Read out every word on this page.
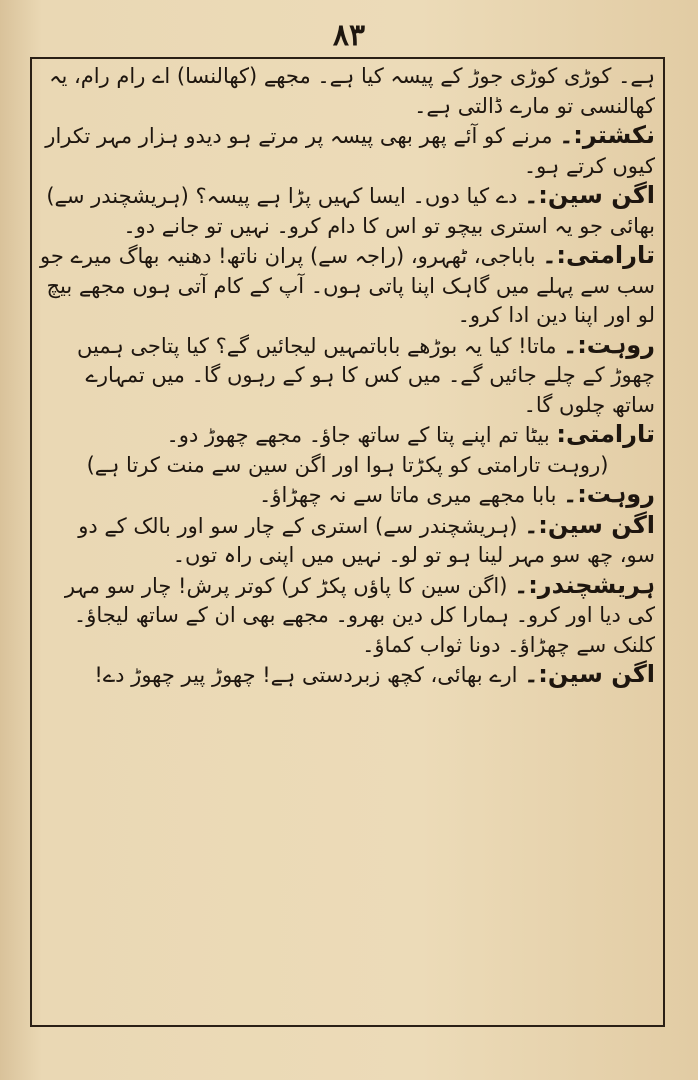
۸۳

ہے۔ کوڑی کوڑی جوڑ کے پیسہ کیا ہے۔ مجھے (کھالنسا) اے رام رام، یہ کھالنسی تو مارے ڈالتی ہے۔

نکشتر:۔ مرنے کو آئے پھر بھی پیسہ پر مرتے ہو دیدو ہزار مہر تکرار کیوں کرتے ہو۔

اگن سین:۔ دے کیا دوں۔ ایسا کہیں پڑا ہے پیسہ؟ (ہریشچندر سے) بھائی جو یہ استری بیچو تو اس کا دام کرو۔ نہیں تو جانے دو۔

تارامتی:۔ باباجی، ٹھہرو، (راجہ سے) پران ناتھ! دھنیہ بھاگ میرے جو سب سے پہلے میں گاہک اپنا پاتی ہوں۔ آپ کے کام آتی ہوں مجھے بیچ لو اور اپنا دین ادا کرو۔

روہت:۔ ماتا! کیا یہ بوڑھے باباتمہیں لیجائیں گے؟ کیا پتاجی ہمیں چھوڑ کے چلے جائیں گے۔ میں کس کا ہو کے رہوں گا۔ میں تمہارے ساتھ چلوں گا۔

تارامتی: بیٹا تم اپنے پتا کے ساتھ جاؤ۔ مجھے چھوڑ دو۔

(روہت تارامتی کو پکڑتا ہوا اور اگن سین سے منت کرتا ہے)

روہت:۔ بابا مجھے میری ماتا سے نہ چھڑاؤ۔

اگن سین:۔ (ہریشچندر سے) استری کے چار سو اور بالک کے دو سو، چھ سو مہر لینا ہو تو لو۔ نہیں میں اپنی راہ توں۔

ہریشچندر:۔ (اگن سین کا پاؤں پکڑ کر) کوتر پرش! چار سو مہر کی دیا اور کرو۔ ہمارا کل دین بھرو۔ مجھے بھی ان کے ساتھ لیجاؤ۔ کلنک سے چھڑاؤ۔ دونا ثواب کماؤ۔

اگن سین:۔ ارے بھائی، کچھ زبردستی ہے! چھوڑ پیر چھوڑ دے!
